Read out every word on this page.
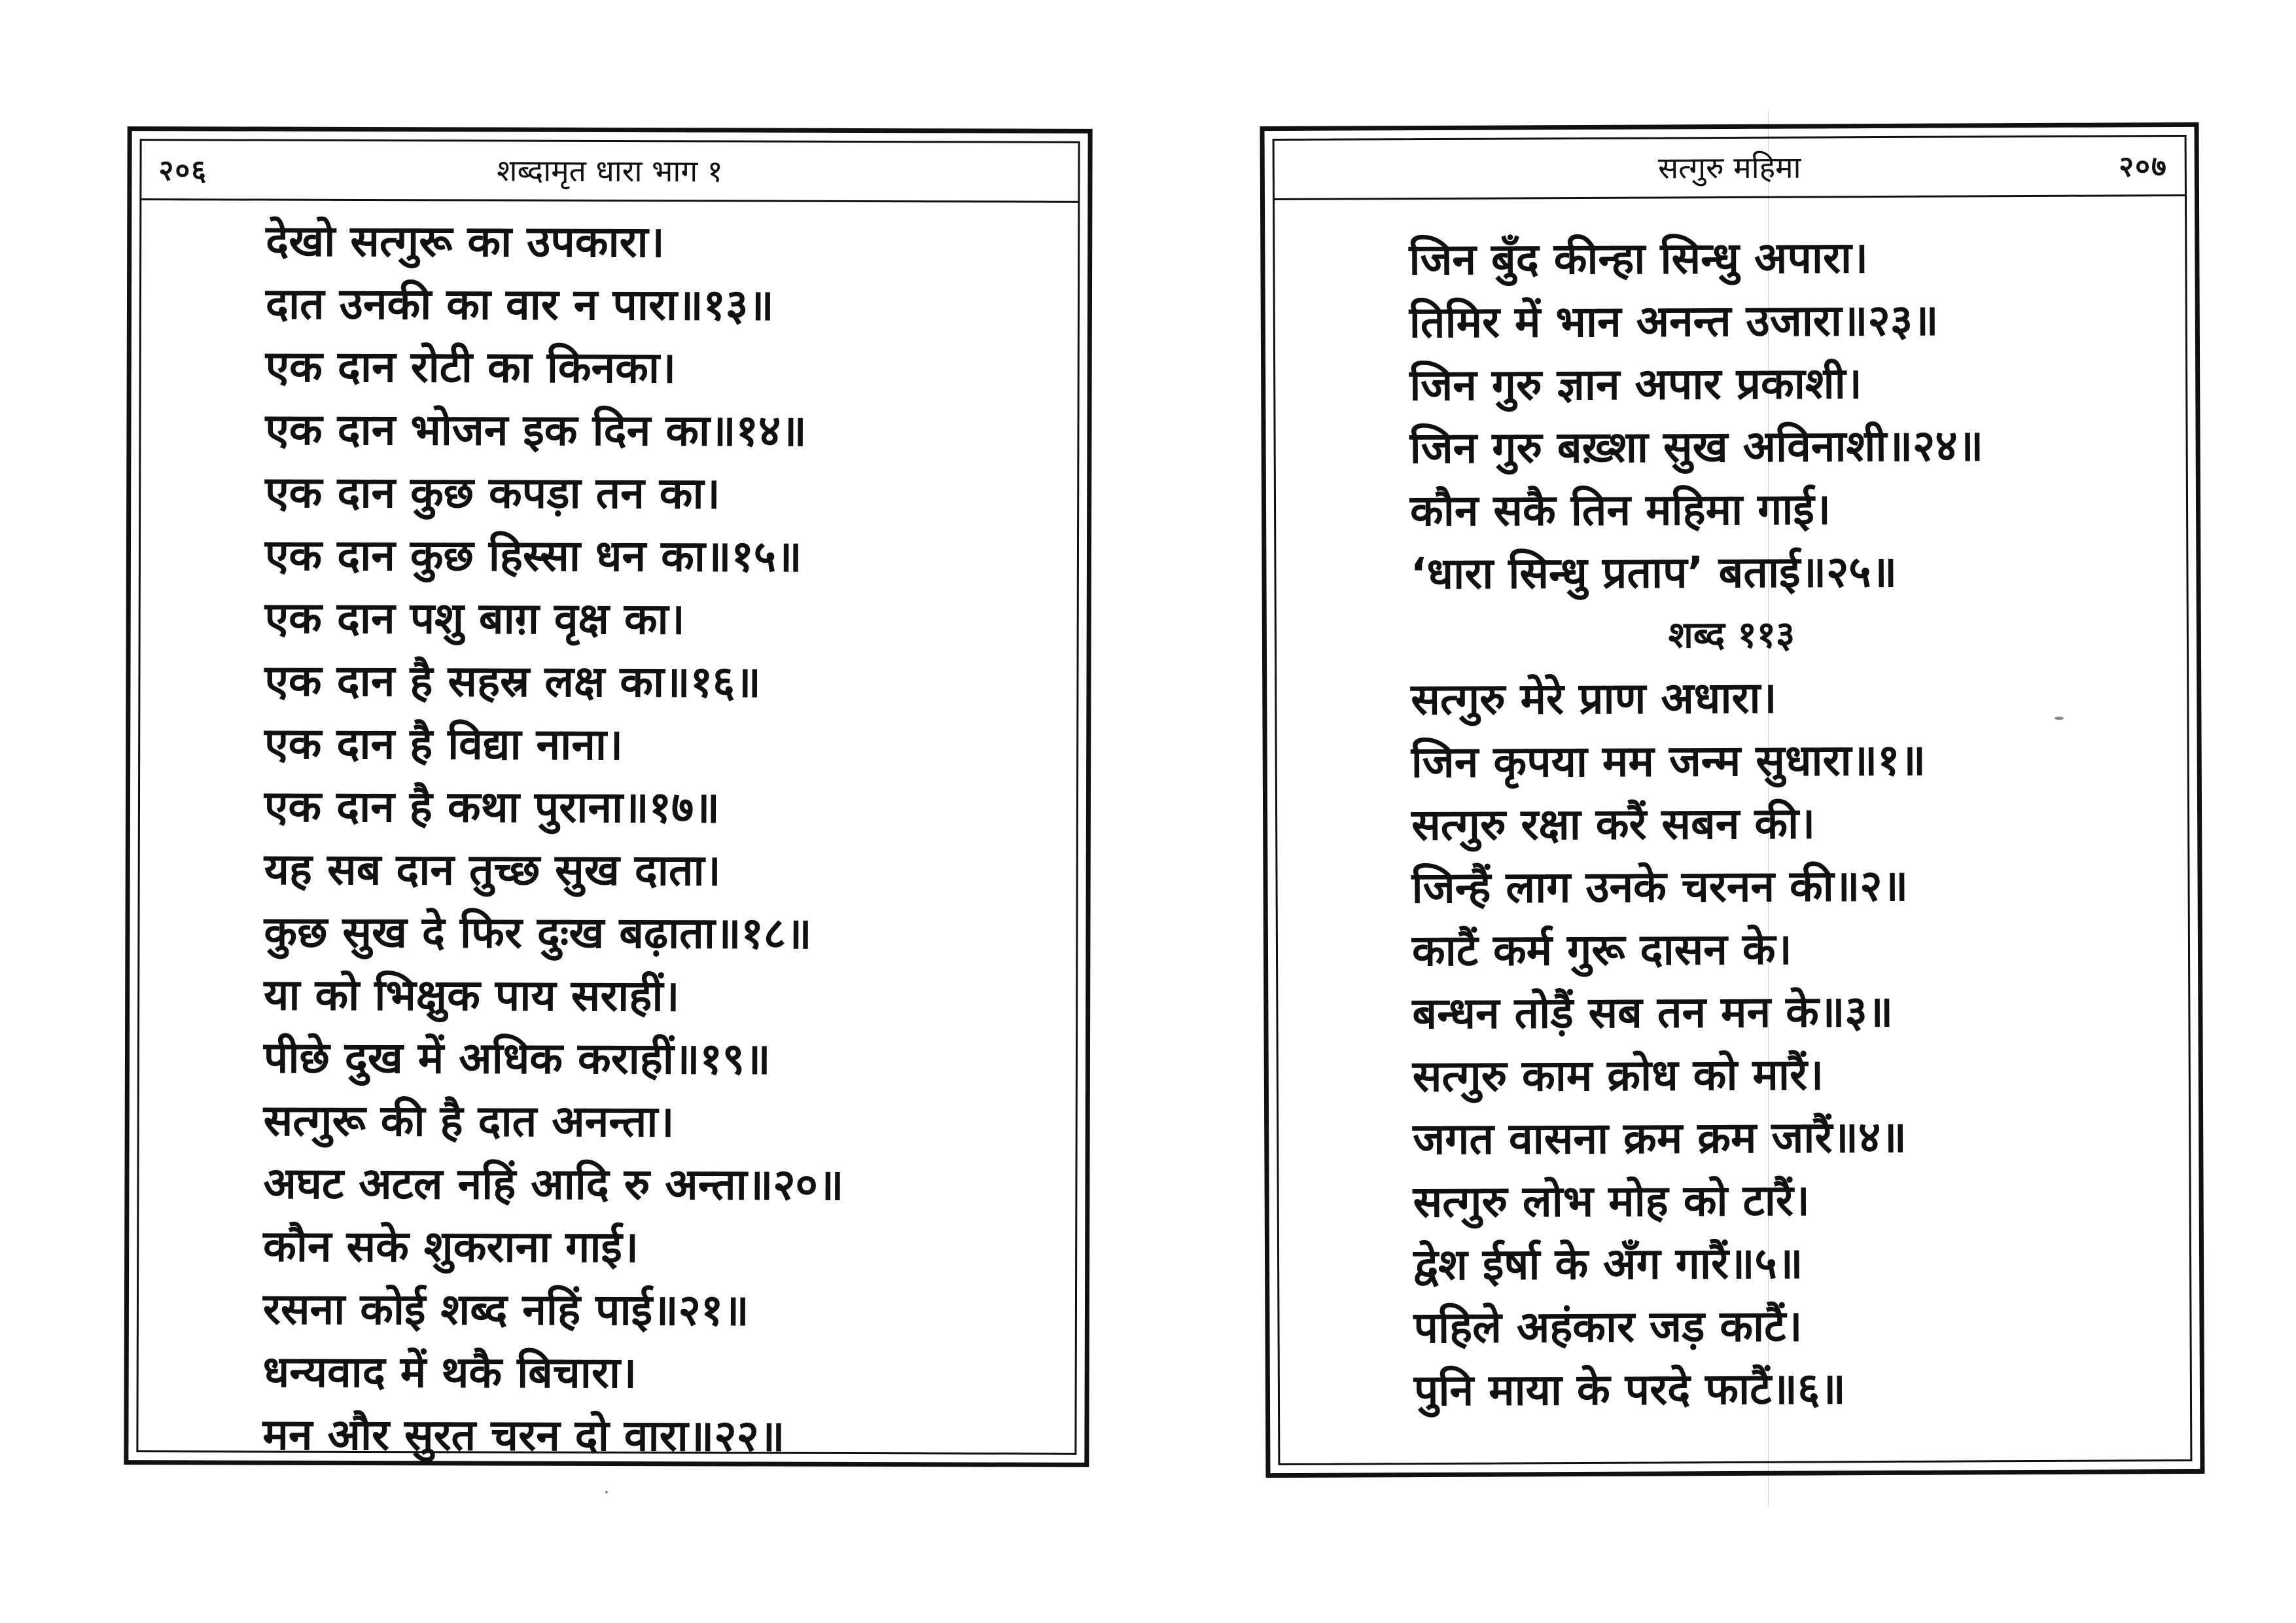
२०६	शब्दामृत धारा भाग १
देखो सत्गुरू का उपकारा।
दात उनकी का वार न पारा॥१३॥
एक दान रोटी का किनका।
एक दान भोजन इक दिन का॥१४॥
एक दान कुछ कपड़ा तन का।
एक दान कुछ हिस्सा धन का॥१५॥
एक दान पशु बाग़ वृक्ष का।
एक दान है सहस्र लक्ष का॥१६॥
एक दान है विद्या नाना।
एक दान है कथा पुराना॥१७॥
यह सब दान तुच्छ सुख दाता।
कुछ सुख दे फिर दुःख बढ़ाता॥१८॥
या को भिक्षुक पाय सराहीं।
पीछे दुख में अधिक कराहीं॥१९॥
सत्गुरू की है दात अनन्ता।
अघट अटल नहिं आदि रु अन्ता॥२०॥
कौन सके शुकराना गाई।
रसना कोई शब्द नहिं पाई॥२१॥
धन्यवाद में थकै बिचारा।
मन और सुरत चरन दो वारा॥२२॥
सत्गुरु महिमा	२०७
जिन बुँद कीन्हा सिन्धु अपारा।
तिमिर में भान अनन्त उजारा॥२३॥
जिन गुरु ज्ञान अपार प्रकाशी।
जिन गुरु बख़्शा सुख अविनाशी॥२४॥
कौन सकै तिन महिमा गाई।
‘धारा सिन्धु प्रताप’ बताई॥२५॥
शब्द ११३
सत्गुरु मेरे प्राण अधारा।
जिन कृपया मम जन्म सुधारा॥१॥
सत्गुरु रक्षा करैं सबन की।
जिन्हैं लाग उनके चरनन की॥२॥
काटैं कर्म गुरू दासन के।
बन्धन तोड़ैं सब तन मन के॥३॥
सत्गुरु काम क्रोध को मारैं।
जगत वासना क्रम क्रम जारैं॥४॥
सत्गुरु लोभ मोह को टारैं।
द्वेश ईर्षा के अँग गारैं॥५॥
पहिले अहंकार जड़ काटैं।
पुनि माया के परदे फाटैं॥६॥
